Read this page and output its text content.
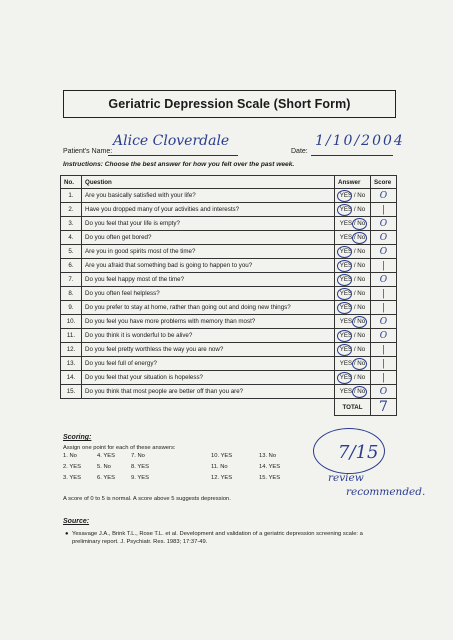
Geriatric Depression Scale (Short Form)
Patient's Name:
Alice Cloverdale
Date:
1/10/2004
Instructions: Choose the best answer for how you felt over the past week.
No.	Question	Answer	Score
1.	Are you basically satisfied with your life?	YES / No	O
2.	Have you dropped many of your activities and interests?	YES / No	|
3.	Do you feel that your life is empty?	YES / No	O
4.	Do you often get bored?	YES / No	O
5.	Are you in good spirits most of the time?	YES / No	O
6.	Are you afraid that something bad is going to happen to you?	YES / No	|
7.	Do you feel happy most of the time?	YES / No	O
8.	Do you often feel helpless?	YES / No	|
9.	Do you prefer to stay at home, rather than going out and doing new things?	YES / No	|
10.	Do you feel you have more problems with memory than most?	YES / No	O
11.	Do you think it is wonderful to be alive?	YES / No	O
12.	Do you feel pretty worthless the way you are now?	YES / No	|
13.	Do you feel full of energy?	YES / No	|
14.	Do you feel that your situation is hopeless?	YES / No	|
15.	Do you think that most people are better off than you are?	YES / No	O
		TOTAL	7
Scoring:
Assign one point for each of these answers:
1. No
2. YES
3. YES
4. YES
5. No
6. YES
7. No
8. YES
9. YES
10. YES
11. No
12. YES
13. No
14. YES
15. YES
A score of 0 to 5 is normal. A score above 5 suggests depression.
7/15
review
recommended.
Source:
● Yesavage J.A., Brink T.L., Rose T.L. et al. Development and validation of a geriatric depression screening scale: a preliminary report. J. Psychiatr. Res. 1983; 17:37-49.
